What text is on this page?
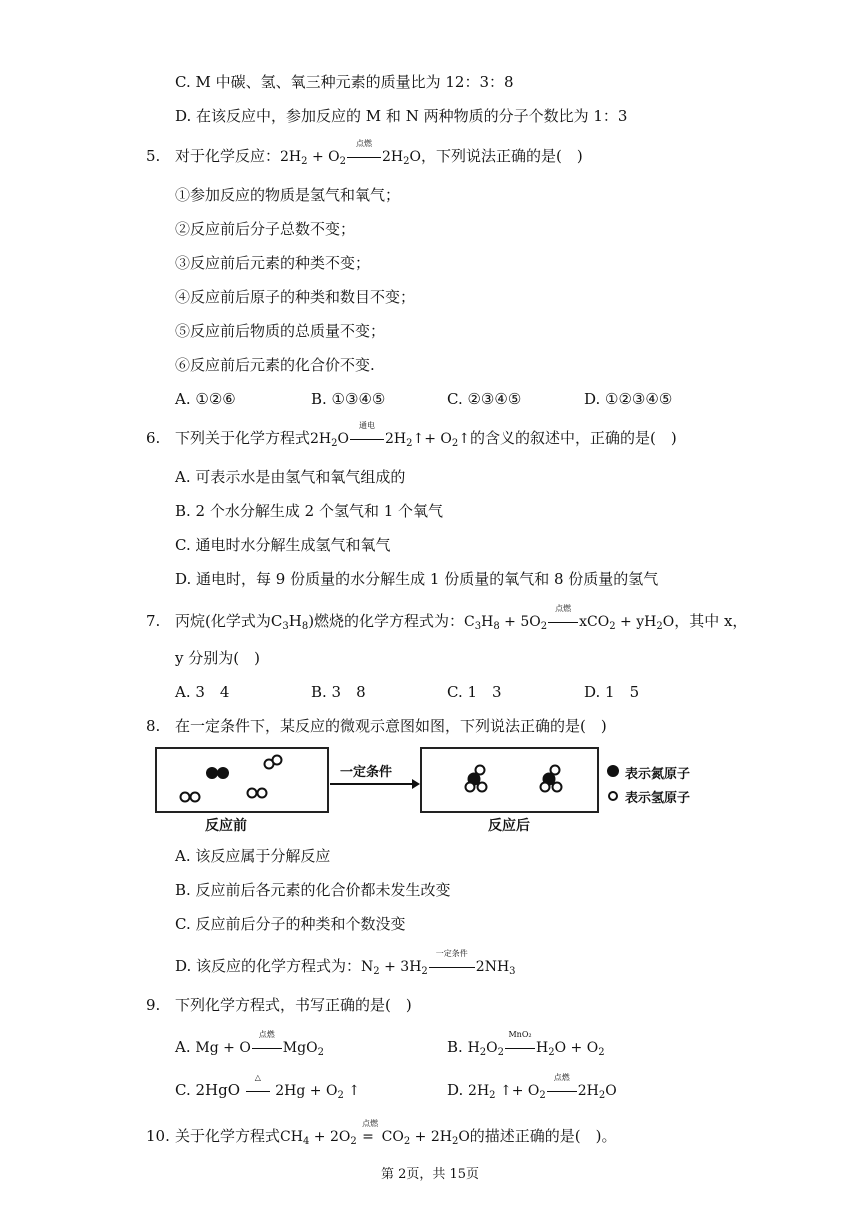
C. M 中碳、氢、氧三种元素的质量比为 12：3：8
D. 在该反应中，参加反应的 M 和 N 两种物质的分子个数比为 1：3
5. 对于化学反应：$2H_2 + O_2$
点燃
$2H_2O$，下列说法正确的是(　)
①参加反应的物质是氢气和氧气；
②反应前后分子总数不变；
③反应前后元素的种类不变；
④反应前后原子的种类和数目不变；
⑤反应前后物质的总质量不变；
⑥反应前后元素的化合价不变.
A. ①②⑥	B. ①③④⑤	C. ②③④⑤	D. ①②③④⑤
6. 下列关于化学方程式$2H_2O$
通电
$2H_2↑+$ $O_2↑$的含义的叙述中，正确的是(　)
A. 可表示水是由氢气和氧气组成的
B. 2 个水分解生成 2 个氢气和 1 个氧气
C. 通电时水分解生成氢气和氧气
D. 通电时，每 9 份质量的水分解生成 1 份质量的氧气和 8 份质量的氢气
7. 丙烷(化学式为$C_3H_8$)燃烧的化学方程式为：$C_3H_8 + 5O_2$
点燃
$xCO_2 + yH_2O$，其中 x，
y 分别为(　)
A. 3　4	B. 3　8	C. 1　3	D. 1　5
8. 在一定条件下，某反应的微观示意图如图，下列说法正确的是(　)
反应前
一定条件
反应后
表示氮原子
表示氢原子
A. 该反应属于分解反应
B. 反应前后各元素的化合价都未发生改变
C. 反应前后分子的种类和个数没变
D. 该反应的化学方程式为：$N_2 + 3H_2$
一定条件
$2NH_3$
9. 下列化学方程式，书写正确的是(　)
A. Mg + O
点燃
MgO$_2$	B. $H_2O_2$
MnO₂
$H_2O + O_2$
C. 2HgO
△
$2Hg + O_2$ ↑	D. $2H_2$ ↑+ $O_2$
点燃
$2H_2O$
10. 关于化学方程式$CH_4 + 2O_2$
点燃
= $CO_2 + 2H_2O$的描述正确的是(　)。
第 2页，共 15页
